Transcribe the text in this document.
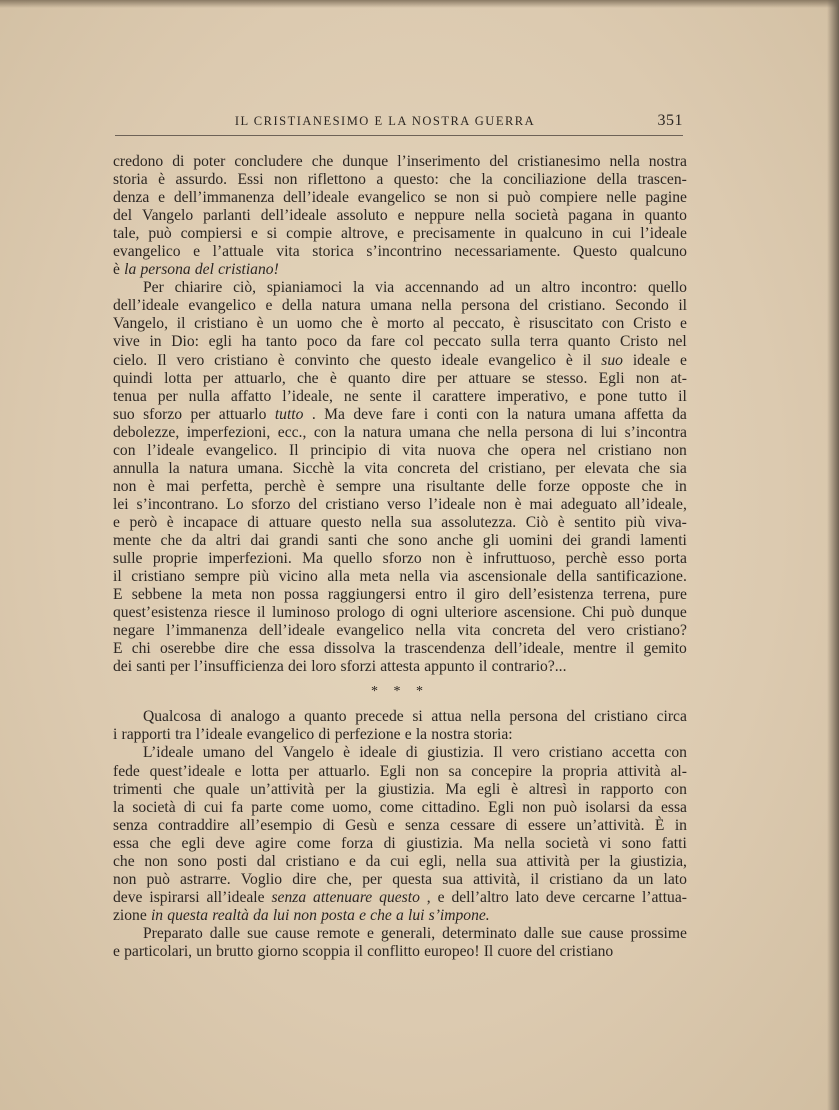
IL CRISTIANESIMO E LA NOSTRA GUERRA	351
credono di poter concludere che dunque l’inserimento del cristianesimo nella nostra
storia è assurdo. Essi non riflettono a questo: che la conciliazione della trascen-
denza e dell’immanenza dell’ideale evangelico se non si può compiere nelle pagine
del Vangelo parlanti dell’ideale assoluto e neppure nella società pagana in quanto
tale, può compiersi e si compie altrove, e precisamente in qualcuno in cui l’ideale
evangelico e l’attuale vita storica s’incontrino necessariamente. Questo qualcuno
è la persona del cristiano!
Per chiarire ciò, spianiamoci la via accennando ad un altro incontro: quello
dell’ideale evangelico e della natura umana nella persona del cristiano. Secondo il
Vangelo, il cristiano è un uomo che è morto al peccato, è risuscitato con Cristo e
vive in Dio: egli ha tanto poco da fare col peccato sulla terra quanto Cristo nel
cielo. Il vero cristiano è convinto che questo ideale evangelico è il suo ideale e
quindi lotta per attuarlo, che è quanto dire per attuare se stesso. Egli non at-
tenua per nulla affatto l’ideale, ne sente il carattere imperativo, e pone tutto il
suo sforzo per attuarlo tutto . Ma deve fare i conti con la natura umana affetta da
debolezze, imperfezioni, ecc., con la natura umana che nella persona di lui s’incontra
con l’ideale evangelico. Il principio di vita nuova che opera nel cristiano non
annulla la natura umana. Sicchè la vita concreta del cristiano, per elevata che sia
non è mai perfetta, perchè è sempre una risultante delle forze opposte che in
lei s’incontrano. Lo sforzo del cristiano verso l’ideale non è mai adeguato all’ideale,
e però è incapace di attuare questo nella sua assolutezza. Ciò è sentito più viva-
mente che da altri dai grandi santi che sono anche gli uomini dei grandi lamenti
sulle proprie imperfezioni. Ma quello sforzo non è infruttuoso, perchè esso porta
il cristiano sempre più vicino alla meta nella via ascensionale della santificazione.
E sebbene la meta non possa raggiungersi entro il giro dell’esistenza terrena, pure
quest’esistenza riesce il luminoso prologo di ogni ulteriore ascensione. Chi può dunque
negare l’immanenza dell’ideale evangelico nella vita concreta del vero cristiano?
E chi oserebbe dire che essa dissolva la trascendenza dell’ideale, mentre il gemito
dei santi per l’insufficienza dei loro sforzi attesta appunto il contrario?...
* * *
Qualcosa di analogo a quanto precede si attua nella persona del cristiano circa
i rapporti tra l’ideale evangelico di perfezione e la nostra storia:
L’ideale umano del Vangelo è ideale di giustizia. Il vero cristiano accetta con
fede quest’ideale e lotta per attuarlo. Egli non sa concepire la propria attività al-
trimenti che quale un’attività per la giustizia. Ma egli è altresì in rapporto con
la società di cui fa parte come uomo, come cittadino. Egli non può isolarsi da essa
senza contraddire all’esempio di Gesù e senza cessare di essere un’attività. È in
essa che egli deve agire come forza di giustizia. Ma nella società vi sono fatti
che non sono posti dal cristiano e da cui egli, nella sua attività per la giustizia,
non può astrarre. Voglio dire che, per questa sua attività, il cristiano da un lato
deve ispirarsi all’ideale senza attenuare questo , e dell’altro lato deve cercarne l’attua-
zione in questa realtà da lui non posta e che a lui s’impone.
Preparato dalle sue cause remote e generali, determinato dalle sue cause prossime
e particolari, un brutto giorno scoppia il conflitto europeo! Il cuore del cristiano
